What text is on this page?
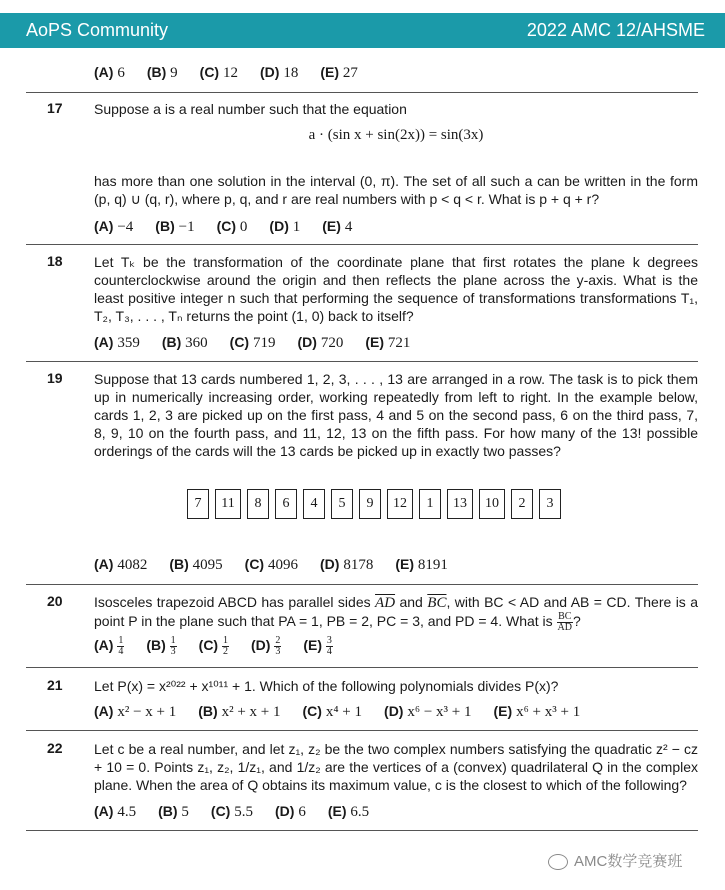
AoPS Community	2022 AMC 12/AHSME
(A) 6 (B) 9 (C) 12 (D) 18 (E) 27
17 Suppose a is a real number such that the equation
a · (sin x + sin(2x)) = sin(3x)
has more than one solution in the interval (0, π). The set of all such a can be written in the form (p, q) ∪ (q, r), where p, q, and r are real numbers with p < q < r. What is p + q + r?
(A) −4 (B) −1 (C) 0 (D) 1 (E) 4
18 Let Tₖ be the transformation of the coordinate plane that first rotates the plane k degrees counterclockwise around the origin and then reflects the plane across the y-axis. What is the least positive integer n such that performing the sequence of transformations transformations T₁, T₂, T₃, . . . , Tₙ returns the point (1, 0) back to itself?
(A) 359 (B) 360 (C) 719 (D) 720 (E) 721
19 Suppose that 13 cards numbered 1, 2, 3, . . . , 13 are arranged in a row. The task is to pick them up in numerically increasing order, working repeatedly from left to right. In the example below, cards 1, 2, 3 are picked up on the first pass, 4 and 5 on the second pass, 6 on the third pass, 7, 8, 9, 10 on the fourth pass, and 11, 12, 13 on the fifth pass. For how many of the 13! possible orderings of the cards will the 13 cards be picked up in exactly two passes?
7	11	8	6	4	5	9	12	1	13	10	2	3
(A) 4082 (B) 4095 (C) 4096 (D) 8178 (E) 8191
20 Isosceles trapezoid ABCD has parallel sides $\overline{AD}$ and $\overline{BC}$, with BC < AD and AB = CD. There is a point P in the plane such that PA = 1, PB = 2, PC = 3, and PD = 4. What is $\frac{BC}{AD}$ ?
$(A) \frac{1}{4} (B) \frac{1}{3} (C) \frac{1}{2} (D) \frac{2}{3} (E) \frac{3}{4}$
21 Let P(x) = x²⁰²² + x¹⁰¹¹ + 1. Which of the following polynomials divides P(x)?
(A) x² − x + 1 (B) x² + x + 1 (C) x⁴ + 1 (D) x⁶ − x³ + 1 (E) x⁶ + x³ + 1
22 Let c be a real number, and let z₁, z₂ be the two complex numbers satisfying the quadratic z² − cz + 10 = 0. Points z₁, z₂, 1/z₁, and 1/z₂ are the vertices of a (convex) quadrilateral Q in the complex plane. When the area of Q obtains its maximum value, c is the closest to which of the following?
(A) 4.5 (B) 5 (C) 5.5 (D) 6 (E) 6.5
AMC数学竞赛班
